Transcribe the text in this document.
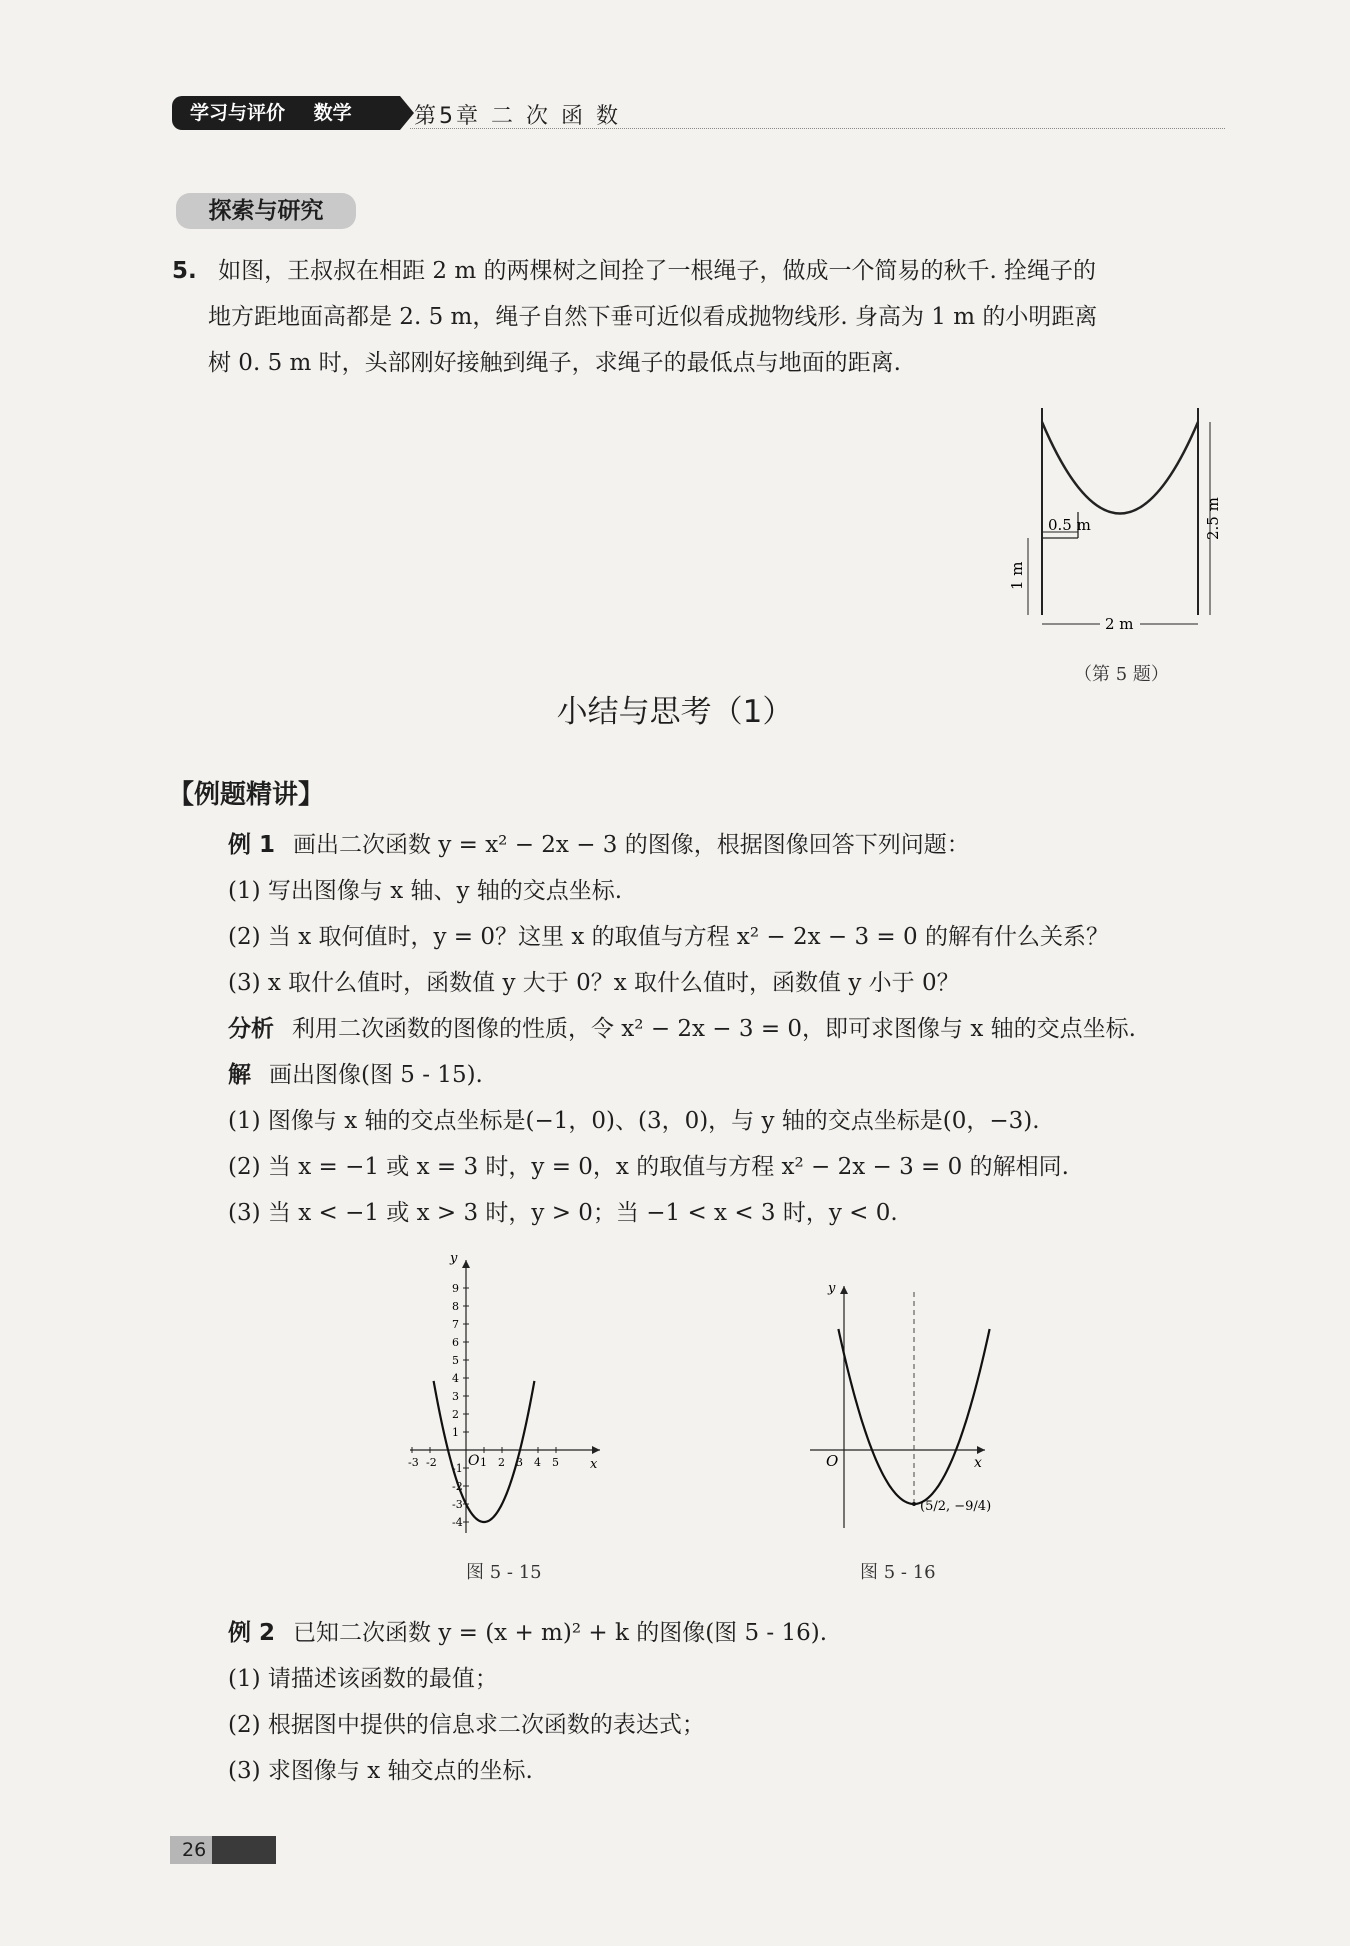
学习与评价 数学	第5章 二 次 函 数
探索与研究
5. 如图，王叔叔在相距 2 m 的两棵树之间拴了一根绳子，做成一个简易的秋千. 拴绳子的
地方距地面高都是 2. 5 m，绳子自然下垂可近似看成抛物线形. 身高为 1 m 的小明距离
树 0. 5 m 时，头部刚好接触到绳子，求绳子的最低点与地面的距离.
0.5 m
1 m
2.5 m
2 m
（第 5 题）
小结与思考（1）
【例题精讲】
例 1 画出二次函数 y = x² − 2x − 3 的图像，根据图像回答下列问题：
(1) 写出图像与 x 轴、y 轴的交点坐标.
(2) 当 x 取何值时，y = 0？这里 x 的取值与方程 x² − 2x − 3 = 0 的解有什么关系？
(3) x 取什么值时，函数值 y 大于 0？x 取什么值时，函数值 y 小于 0？
分析 利用二次函数的图像的性质，令 x² − 2x − 3 = 0，即可求图像与 x 轴的交点坐标.
解 画出图像(图 5 - 15).
(1) 图像与 x 轴的交点坐标是(−1，0)、(3，0)，与 y 轴的交点坐标是(0，−3).
(2) 当 x = −1 或 x = 3 时，y = 0，x 的取值与方程 x² − 2x − 3 = 0 的解相同.
(3) 当 x < −1 或 x > 3 时，y > 0；当 −1 < x < 3 时，y < 0.
x
y
O
9
8
7
6
5
4
3
2
1
-1
-2
-3
-4
-3 -2	1 2 3 4 5
图 5 - 15
x
y
O
(5/2, −9/4)
图 5 - 16
例 2 已知二次函数 y = (x + m)² + k 的图像(图 5 - 16).
(1) 请描述该函数的最值；
(2) 根据图中提供的信息求二次函数的表达式；
(3) 求图像与 x 轴交点的坐标.
26
